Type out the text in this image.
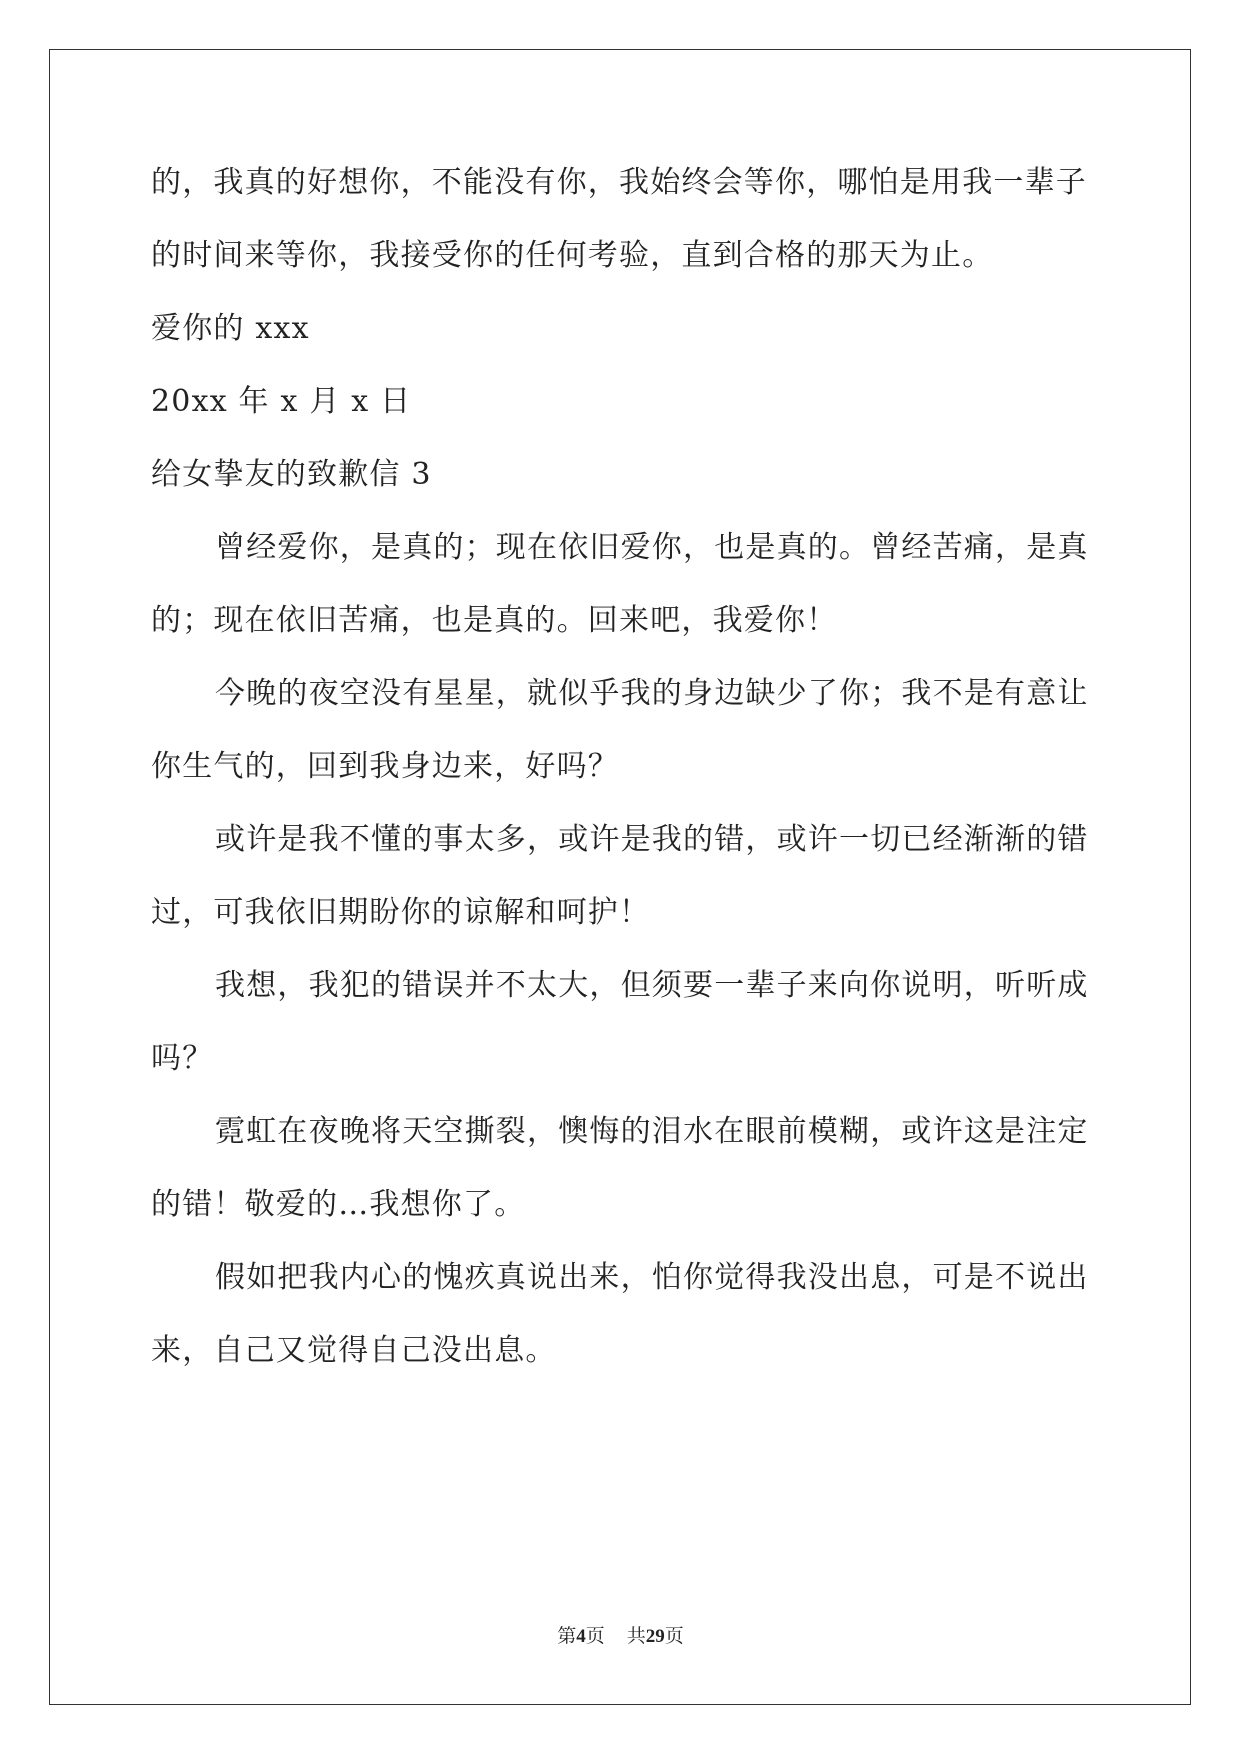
的，我真的好想你，不能没有你，我始终会等你，哪怕是用我一辈子
的时间来等你，我接受你的任何考验，直到合格的那天为止。
爱你的 xxx
20xx 年 x 月 x 日
给女挚友的致歉信 3
曾经爱你，是真的；现在依旧爱你，也是真的。曾经苦痛，是真
的；现在依旧苦痛，也是真的。回来吧，我爱你！
今晚的夜空没有星星，就似乎我的身边缺少了你；我不是有意让
你生气的，回到我身边来，好吗？
或许是我不懂的事太多，或许是我的错，或许一切已经渐渐的错
过，可我依旧期盼你的谅解和呵护！
我想，我犯的错误并不太大，但须要一辈子来向你说明，听听成
吗？
霓虹在夜晚将天空撕裂，懊悔的泪水在眼前模糊，或许这是注定
的错！敬爱的…我想你了。
假如把我内心的愧疚真说出来，怕你觉得我没出息，可是不说出
来，自己又觉得自己没出息。
第4页 共29页
